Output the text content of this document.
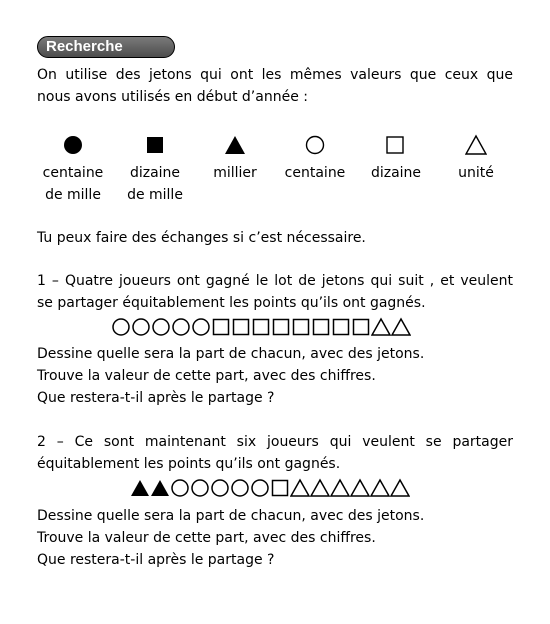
Recherche
On utilise des jetons qui ont les mêmes valeurs que ceux que
nous avons utilisés en début d’année :
centaine
de mille
dizaine
de mille
millier	centaine	dizaine	unité
Tu peux faire des échanges si c’est nécessaire.
1 – Quatre joueurs ont gagné le lot de jetons qui suit , et veulent
se partager équitablement les points qu’ils ont gagnés.
Dessine quelle sera la part de chacun, avec des jetons.
Trouve la valeur de cette part, avec des chiffres.
Que restera-t-il après le partage ?
2 – Ce sont maintenant six joueurs qui veulent se partager
équitablement les points qu’ils ont gagnés.
Dessine quelle sera la part de chacun, avec des jetons.
Trouve la valeur de cette part, avec des chiffres.
Que restera-t-il après le partage ?
